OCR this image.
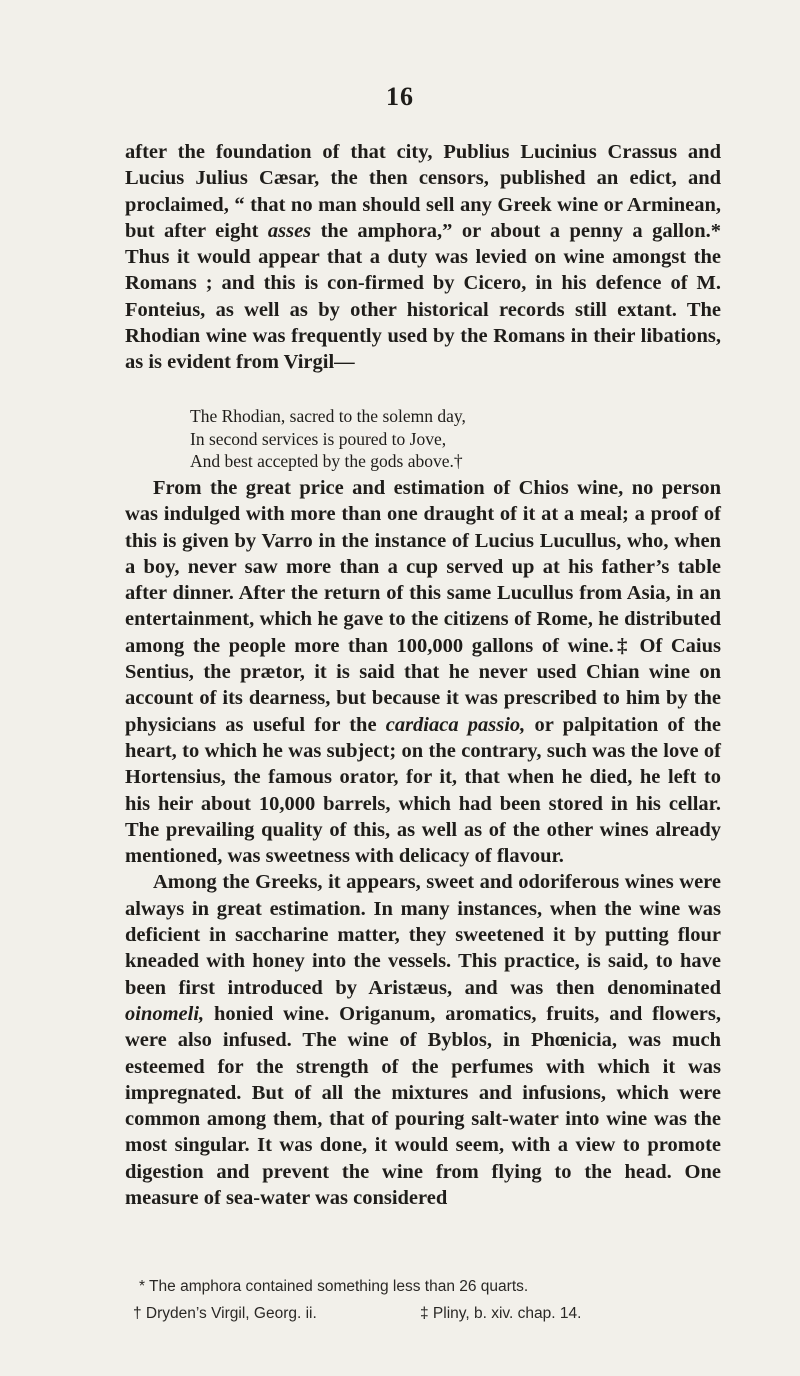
16

after the foundation of that city, Publius Lucinius Crassus and Lucius Julius Cæsar, the then censors, published an edict, and proclaimed, “ that no man should sell any Greek wine or Arminean, but after eight asses the amphora,” or about a penny a gallon.* Thus it would appear that a duty was levied on wine amongst the Romans ; and this is con-firmed by Cicero, in his defence of M. Fonteius, as well as by other historical records still extant. The Rhodian wine was frequently used by the Romans in their libations, as is evident from Virgil—

The Rhodian, sacred to the solemn day,
In second services is poured to Jove,
And best accepted by the gods above.†

From the great price and estimation of Chios wine, no person was indulged with more than one draught of it at a meal; a proof of this is given by Varro in the instance of Lucius Lucullus, who, when a boy, never saw more than a cup served up at his father’s table after dinner. After the return of this same Lucullus from Asia, in an entertainment, which he gave to the citizens of Rome, he distributed among the people more than 100,000 gallons of wine.‡ Of Caius Sentius, the prætor, it is said that he never used Chian wine on account of its dearness, but because it was prescribed to him by the physicians as useful for the cardiaca passio, or palpitation of the heart, to which he was subject; on the contrary, such was the love of Hortensius, the famous orator, for it, that when he died, he left to his heir about 10,000 barrels, which had been stored in his cellar. The prevailing quality of this, as well as of the other wines already mentioned, was sweetness with delicacy of flavour.

Among the Greeks, it appears, sweet and odoriferous wines were always in great estimation. In many instances, when the wine was deficient in saccharine matter, they sweetened it by putting flour kneaded with honey into the vessels. This practice, is said, to have been first introduced by Aristæus, and was then denominated oinomeli, honied wine. Origanum, aromatics, fruits, and flowers, were also infused. The wine of Byblos, in Phœnicia, was much esteemed for the strength of the perfumes with which it was impregnated. But of all the mixtures and infusions, which were common among them, that of pouring salt-water into wine was the most singular. It was done, it would seem, with a view to promote digestion and prevent the wine from flying to the head. One measure of sea-water was considered

* The amphora contained something less than 26 quarts.
† Dryden’s Virgil, Georg. ii.	‡ Pliny, b. xiv. chap. 14.
